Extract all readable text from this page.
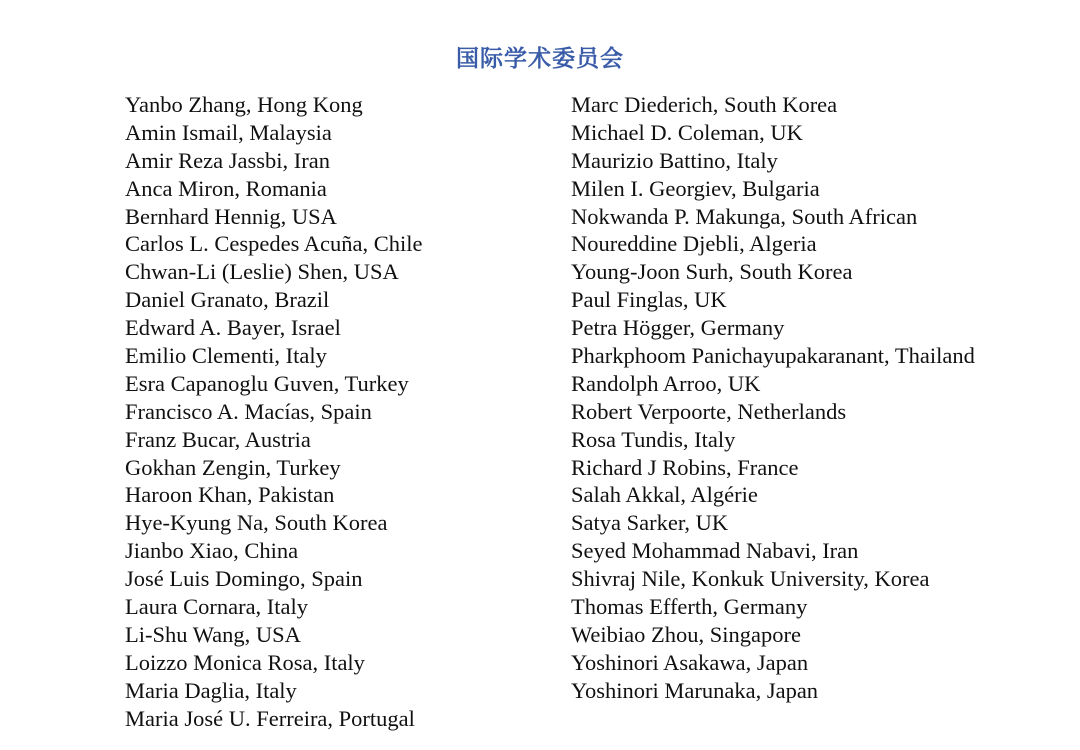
国际学术委员会
Yanbo Zhang, Hong Kong
Amin Ismail, Malaysia
Amir Reza Jassbi, Iran
Anca Miron, Romania
Bernhard Hennig, USA
Carlos L. Cespedes Acuña, Chile
Chwan-Li (Leslie) Shen, USA
Daniel Granato, Brazil
Edward A. Bayer, Israel
Emilio Clementi, Italy
Esra Capanoglu Guven, Turkey
Francisco A. Macías, Spain
Franz Bucar, Austria
Gokhan Zengin, Turkey
Haroon Khan, Pakistan
Hye-Kyung Na, South Korea
Jianbo Xiao, China
José Luis Domingo, Spain
Laura Cornara, Italy
Li-Shu Wang, USA
Loizzo Monica Rosa, Italy
Maria Daglia, Italy
Maria José U. Ferreira, Portugal
Marc Diederich, South Korea
Michael D. Coleman, UK
Maurizio Battino, Italy
Milen I. Georgiev, Bulgaria
Nokwanda P. Makunga, South African
Noureddine Djebli, Algeria
Young-Joon Surh, South Korea
Paul Finglas, UK
Petra Högger, Germany
Pharkphoom Panichayupakaranant, Thailand
Randolph Arroo, UK
Robert Verpoorte, Netherlands
Rosa Tundis, Italy
Richard J Robins, France
Salah Akkal, Algérie
Satya Sarker, UK
Seyed Mohammad Nabavi, Iran
Shivraj Nile, Konkuk University, Korea
Thomas Efferth, Germany
Weibiao Zhou, Singapore
Yoshinori Asakawa, Japan
Yoshinori Marunaka, Japan
